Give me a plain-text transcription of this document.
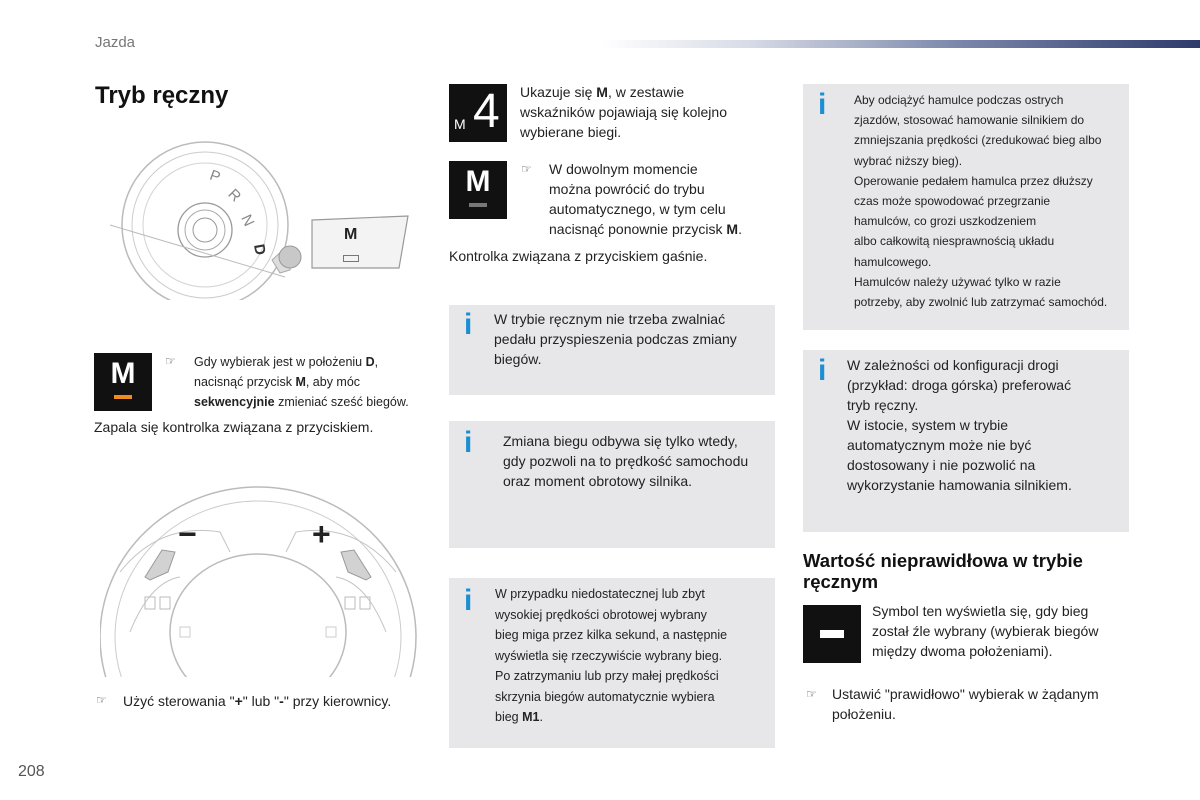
Jazda
208
Tryb ręczny
P
R
N
D
M
M	☞ Gdy wybierak jest w położeniu D,
nacisnąć przycisk M, aby móc
sekwencyjnie zmieniać sześć biegów.
Zapala się kontrolka związana z przyciskiem.
−	+
☞ Użyć sterowania "+" lub "-" przy kierownicy.
M 4 Ukazuje się M, w zestawie
wskaźników pojawiają się kolejno
wybierane biegi.
M	☞ W dowolnym momencie
można powrócić do trybu
automatycznego, w tym celu
nacisnąć ponownie przycisk M.
Kontrolka związana z przyciskiem gaśnie.
i W trybie ręcznym nie trzeba zwalniać
pedału przyspieszenia podczas zmiany
biegów.
i Zmiana biegu odbywa się tylko wtedy,
gdy pozwoli na to prędkość samochodu
oraz moment obrotowy silnika.
i W przypadku niedostatecznej lub zbyt
wysokiej prędkości obrotowej wybrany
bieg miga przez kilka sekund, a następnie
wyświetla się rzeczywiście wybrany bieg.
Po zatrzymaniu lub przy małej prędkości
skrzynia biegów automatycznie wybiera
bieg M1.
i Aby odciążyć hamulce podczas ostrych
zjazdów, stosować hamowanie silnikiem do
zmniejszania prędkości (zredukować bieg albo
wybrać niższy bieg).
Operowanie pedałem hamulca przez dłuższy
czas może spowodować przegrzanie
hamulców, co grozi uszkodzeniem
albo całkowitą niesprawnością układu
hamulcowego.
Hamulców należy używać tylko w razie
potrzeby, aby zwolnić lub zatrzymać samochód.
i W zależności od konfiguracji drogi
(przykład: droga górska) preferować
tryb ręczny.
W istocie, system w trybie
automatycznym może nie być
dostosowany i nie pozwolić na
wykorzystanie hamowania silnikiem.
Wartość nieprawidłowa w trybie
ręcznym
Symbol ten wyświetla się, gdy bieg
został źle wybrany (wybierak biegów
między dwoma położeniami).
☞ Ustawić "prawidłowo" wybierak w żądanym
położeniu.
